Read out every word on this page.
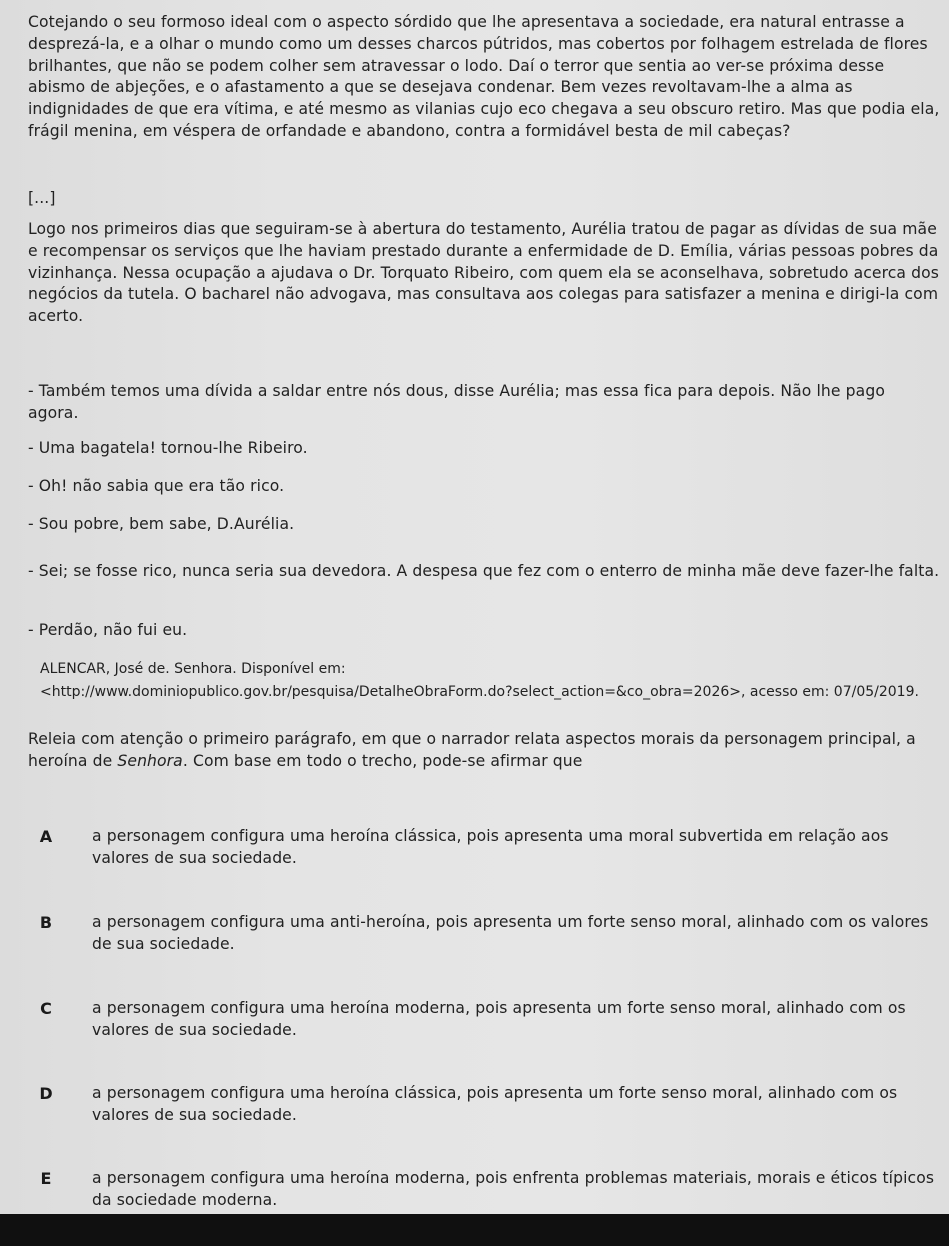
Cotejando o seu formoso ideal com o aspecto sórdido que lhe apresentava a sociedade, era natural entrasse a desprezá-la, e a olhar o mundo como um desses charcos pútridos, mas cobertos por folhagem estrelada de flores brilhantes, que não se podem colher sem atravessar o lodo. Daí o terror que sentia ao ver-se próxima desse abismo de abjeções, e o afastamento a que se desejava condenar. Bem vezes revoltavam-lhe a alma as indignidades de que era vítima, e até mesmo as vilanias cujo eco chegava a seu obscuro retiro. Mas que podia ela, frágil menina, em véspera de orfandade e abandono, contra a formidável besta de mil cabeças?

[...]

Logo nos primeiros dias que seguiram-se à abertura do testamento, Aurélia tratou de pagar as dívidas de sua mãe e recompensar os serviços que lhe haviam prestado durante a enfermidade de D. Emília, várias pessoas pobres da vizinhança. Nessa ocupação a ajudava o Dr. Torquato Ribeiro, com quem ela se aconselhava, sobretudo acerca dos negócios da tutela. O bacharel não advogava, mas consultava aos colegas para satisfazer a menina e dirigi-la com acerto.

- Também temos uma dívida a saldar entre nós dous, disse Aurélia; mas essa fica para depois. Não lhe pago agora.

- Uma bagatela! tornou-lhe Ribeiro.

- Oh! não sabia que era tão rico.

- Sou pobre, bem sabe, D.Aurélia.

- Sei; se fosse rico, nunca seria sua devedora. A despesa que fez com o enterro de minha mãe deve fazer-lhe falta.

- Perdão, não fui eu.

ALENCAR, José de. Senhora. Disponível em:

<http://www.dominiopublico.gov.br/pesquisa/DetalheObraForm.do?select_action=&co_obra=2026>, acesso em: 07/05/2019.

Releia com atenção o primeiro parágrafo, em que o narrador relata aspectos morais da personagem principal, a heroína de Senhora. Com base em todo o trecho, pode-se afirmar que

A	a personagem configura uma heroína clássica, pois apresenta uma moral subvertida em relação aos valores de sua sociedade.
B	a personagem configura uma anti-heroína, pois apresenta um forte senso moral, alinhado com os valores de sua sociedade.
C	a personagem configura uma heroína moderna, pois apresenta um forte senso moral, alinhado com os valores de sua sociedade.
D	a personagem configura uma heroína clássica, pois apresenta um forte senso moral, alinhado com os valores de sua sociedade.
E	a personagem configura uma heroína moderna, pois enfrenta problemas materiais, morais e éticos típicos da sociedade moderna.
